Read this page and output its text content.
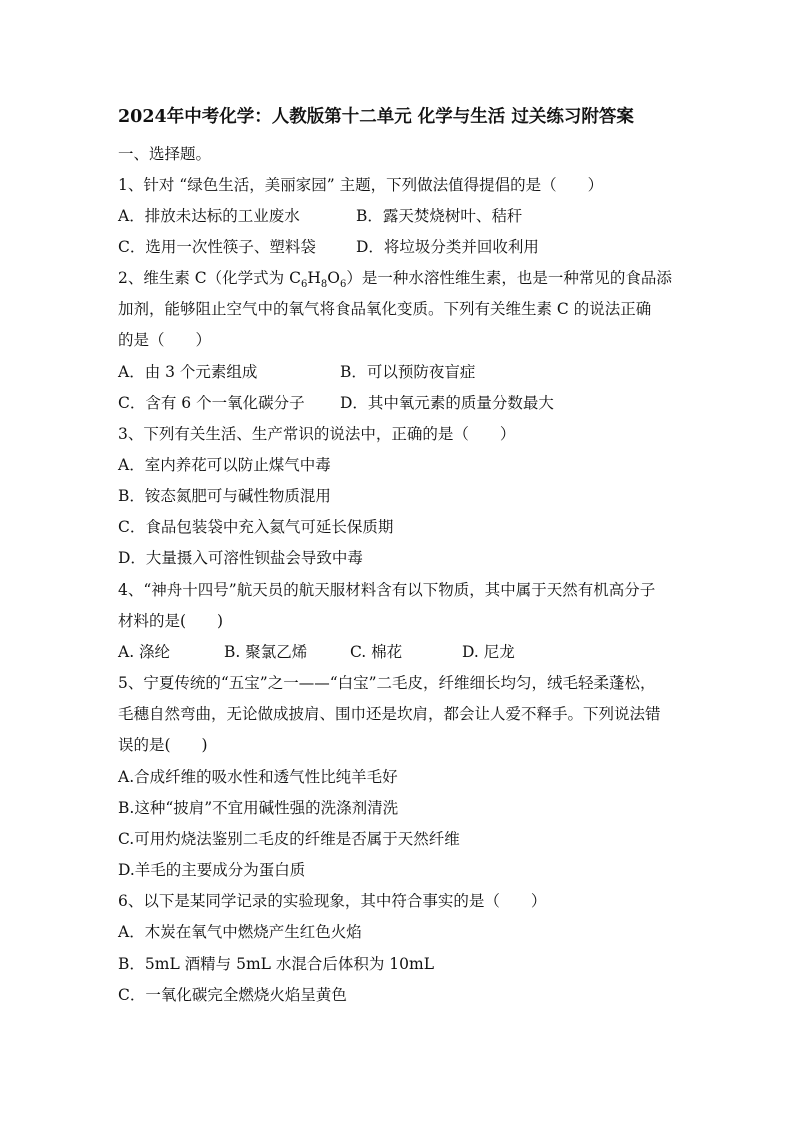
2024年中考化学：人教版第十二单元 化学与生活 过关练习附答案
一、选择题。
1、针对 “绿色生活，美丽家园” 主题，下列做法值得提倡的是（　　）
A．排放未达标的工业废水	B．露天焚烧树叶、秸秆
C．选用一次性筷子、塑料袋	D．将垃圾分类并回收利用
2、维生素 C（化学式为 $C_6H_8O_6$）是一种水溶性维生素，也是一种常见的食品添
加剂，能够阻止空气中的氧气将食品氧化变质。下列有关维生素 C 的说法正确
的是（　　）
A．由 3 个元素组成	B．可以预防夜盲症
C．含有 6 个一氧化碳分子 D．其中氧元素的质量分数最大
3、下列有关生活、生产常识的说法中，正确的是（　　）
A．室内养花可以防止煤气中毒
B．铵态氮肥可与碱性物质混用
C．食品包装袋中充入氦气可延长保质期
D．大量摄入可溶性钡盐会导致中毒
4、“神舟十四号”航天员的航天服材料含有以下物质，其中属于天然有机高分子
材料的是(　　)
A. 涤纶	B. 聚氯乙烯	C. 棉花	D. 尼龙
5、宁夏传统的“五宝”之一——“白宝”二毛皮，纤维细长均匀，绒毛轻柔蓬松，
毛穗自然弯曲，无论做成披肩、围巾还是坎肩，都会让人爱不释手。下列说法错
误的是(　　)
A.合成纤维的吸水性和透气性比纯羊毛好
B.这种“披肩”不宜用碱性强的洗涤剂清洗
C.可用灼烧法鉴别二毛皮的纤维是否属于天然纤维
D.羊毛的主要成分为蛋白质
6、以下是某同学记录的实验现象，其中符合事实的是（　　）
A．木炭在氧气中燃烧产生红色火焰
B．5mL 酒精与 5mL 水混合后体积为 10mL
C．一氧化碳完全燃烧火焰呈黄色
